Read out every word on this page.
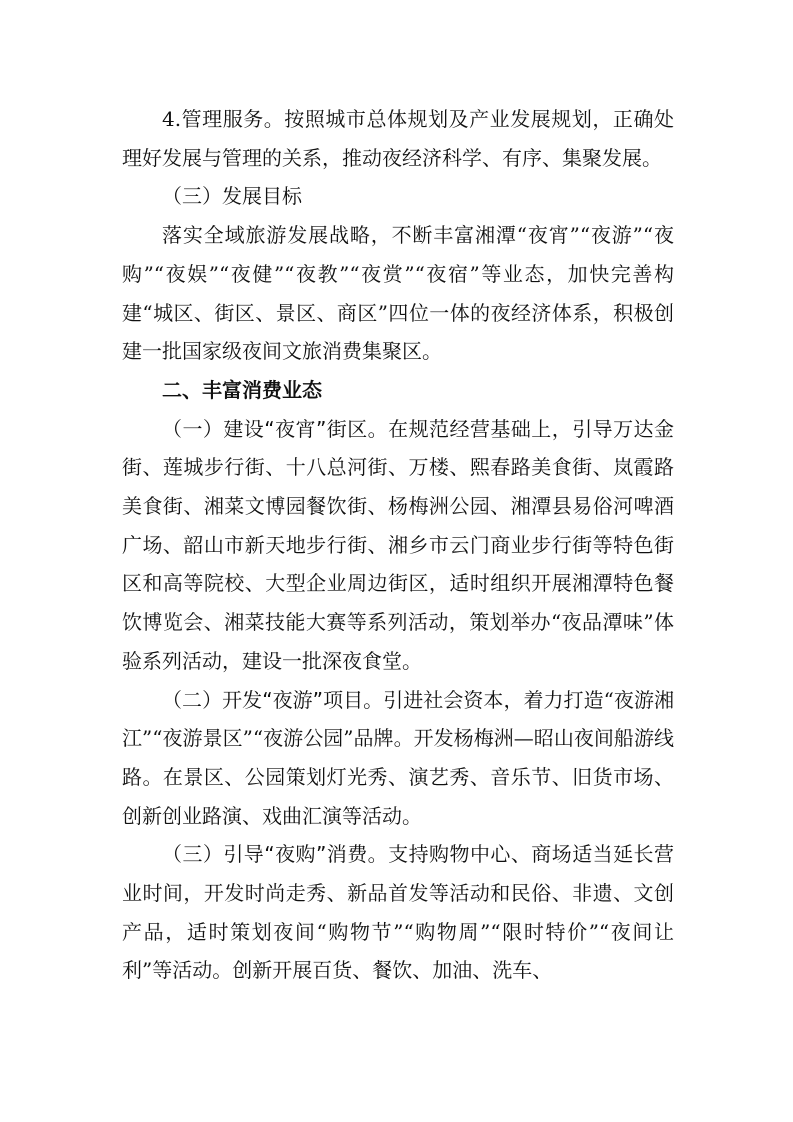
4.管理服务。按照城市总体规划及产业发展规划，正确处理好发展与管理的关系，推动夜经济科学、有序、集聚发展。

（三）发展目标

落实全域旅游发展战略，不断丰富湘潭“夜宵”“夜游”“夜购”“夜娱”“夜健”“夜教”“夜赏”“夜宿”等业态，加快完善构建“城区、街区、景区、商区”四位一体的夜经济体系，积极创建一批国家级夜间文旅消费集聚区。

二、丰富消费业态

（一）建设“夜宵”街区。在规范经营基础上，引导万达金街、莲城步行街、十八总河街、万楼、熙春路美食街、岚霞路美食街、湘菜文博园餐饮街、杨梅洲公园、湘潭县易俗河啤酒广场、韶山市新天地步行街、湘乡市云门商业步行街等特色街区和高等院校、大型企业周边街区，适时组织开展湘潭特色餐饮博览会、湘菜技能大赛等系列活动，策划举办“夜品潭味”体验系列活动，建设一批深夜食堂。

（二）开发“夜游”项目。引进社会资本，着力打造“夜游湘江”“夜游景区”“夜游公园”品牌。开发杨梅洲—昭山夜间船游线路。在景区、公园策划灯光秀、演艺秀、音乐节、旧货市场、创新创业路演、戏曲汇演等活动。

（三）引导“夜购”消费。支持购物中心、商场适当延长营业时间，开发时尚走秀、新品首发等活动和民俗、非遗、文创产品，适时策划夜间“购物节”“购物周”“限时特价”“夜间让利”等活动。创新开展百货、餐饮、加油、洗车、
